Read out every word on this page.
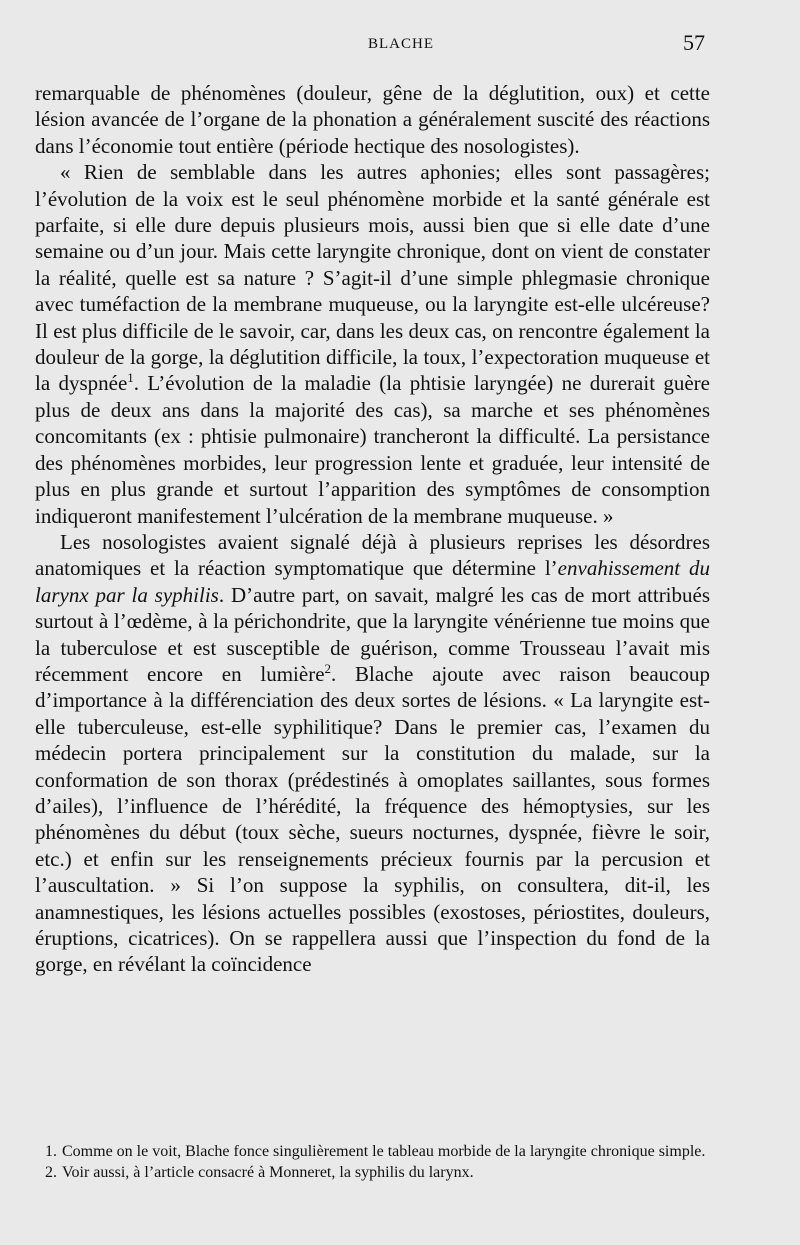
BLACHE	57

remarquable de phénomènes (douleur, gêne de la déglutition, oux) et cette lésion avancée de l’organe de la phonation a généralement suscité des réactions dans l’économie tout entière (période hectique des nosologistes).

« Rien de semblable dans les autres aphonies; elles sont passagères; l’évolution de la voix est le seul phénomène morbide et la santé générale est parfaite, si elle dure depuis plusieurs mois, aussi bien que si elle date d’une semaine ou d’un jour. Mais cette laryngite chronique, dont on vient de constater la réalité, quelle est sa nature ? S’agit-il d’une simple phlegmasie chronique avec tuméfaction de la membrane muqueuse, ou la laryngite est-elle ulcéreuse? Il est plus difficile de le savoir, car, dans les deux cas, on rencontre également la douleur de la gorge, la déglutition difficile, la toux, l’expectoration muqueuse et la dyspnée$^1$. L’évolution de la maladie (la phtisie laryngée) ne durerait guère plus de deux ans dans la majorité des cas), sa marche et ses phénomènes concomitants (ex : phtisie pulmonaire) trancheront la difficulté. La persistance des phénomènes morbides, leur progression lente et graduée, leur intensité de plus en plus grande et surtout l’apparition des symptômes de consomption indiqueront manifestement l’ulcération de la membrane muqueuse. »

Les nosologistes avaient signalé déjà à plusieurs reprises les désordres anatomiques et la réaction symptomatique que détermine l’envahissement du larynx par la syphilis. D’autre part, on savait, malgré les cas de mort attribués surtout à l’œdème, à la périchondrite, que la laryngite vénérienne tue moins que la tuberculose et est susceptible de guérison, comme Trousseau l’avait mis récemment encore en lumière$^2$. Blache ajoute avec raison beaucoup d’importance à la différenciation des deux sortes de lésions. « La laryngite est-elle tuberculeuse, est-elle syphilitique? Dans le premier cas, l’examen du médecin portera principalement sur la constitution du malade, sur la conformation de son thorax (prédestinés à omoplates saillantes, sous formes d’ailes), l’influence de l’hérédité, la fréquence des hémoptysies, sur les phénomènes du début (toux sèche, sueurs nocturnes, dyspnée, fièvre le soir, etc.) et enfin sur les renseignements précieux fournis par la percusion et l’auscultation. » Si l’on suppose la syphilis, on consultera, dit-il, les anamnestiques, les lésions actuelles possibles (exostoses, périostites, douleurs, éruptions, cicatrices). On se rappellera aussi que l’inspection du fond de la gorge, en révélant la coïncidence

1. Comme on le voit, Blache fonce singulièrement le tableau morbide de la laryngite chronique simple.

2. Voir aussi, à l’article consacré à Monneret, la syphilis du larynx.
